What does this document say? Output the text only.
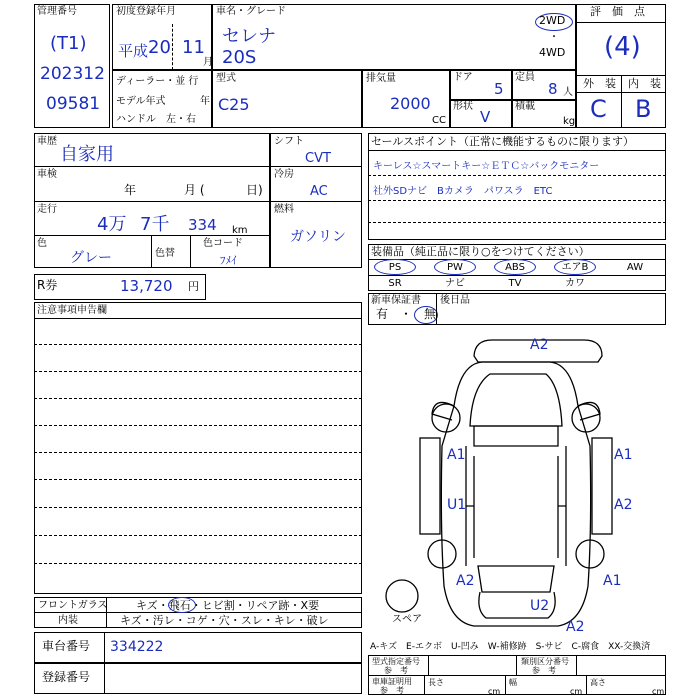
管理番号
(T1)
202312
09581
初度登録年月
平成 20 11
月
車名・グレード
セレナ
20S
2WD
・
4WD
評　価　点
(4)
外　装 内　装
C B
ディーラー・並 行
モデル年式	年
ハンドル　左・右
型式
C25
排気量
2000
CC
ドア
5
定員
8 人
形状
V
積載
kg
車歴
自家用
車検
年	月 (	日)
走行
4万 7千 334 km
色
グレー	色替
色コード
ﾌﾒｲ
シフト
CVT
冷房
AC
燃料
ガソリン
セールスポイント（正常に機能するものに限ります）
キーレス☆スマートキー☆ＥＴＣ☆バックモニター
社外SDナビ　Bカメラ　パワスラ　ETC
装備品（純正品に限り○をつけてください）
PS	PW	ABS	エアB	AW
SR	ナビ	TV	カワ
R券	13,720 円
新車保証書
有　・　無
後日品
注意事項申告欄
A2
A1	A1
U1	A2
A2	A1
U2
A2
スペア
フロントガラス	キズ・飛石・ヒビ割・リペア跡・X要
内装	キズ・汚レ・コゲ・穴・スレ・キレ・破レ
車台番号 334222
登録番号
A-キズ　E-エクボ　U-凹み　W-補修跡　S-サビ　C-腐食　XX-交換済
型式指定番号
参　考
類別区分番号
参　考
車庫証明用
参　考
長さ
cm
幅
cm
高さ
cm
